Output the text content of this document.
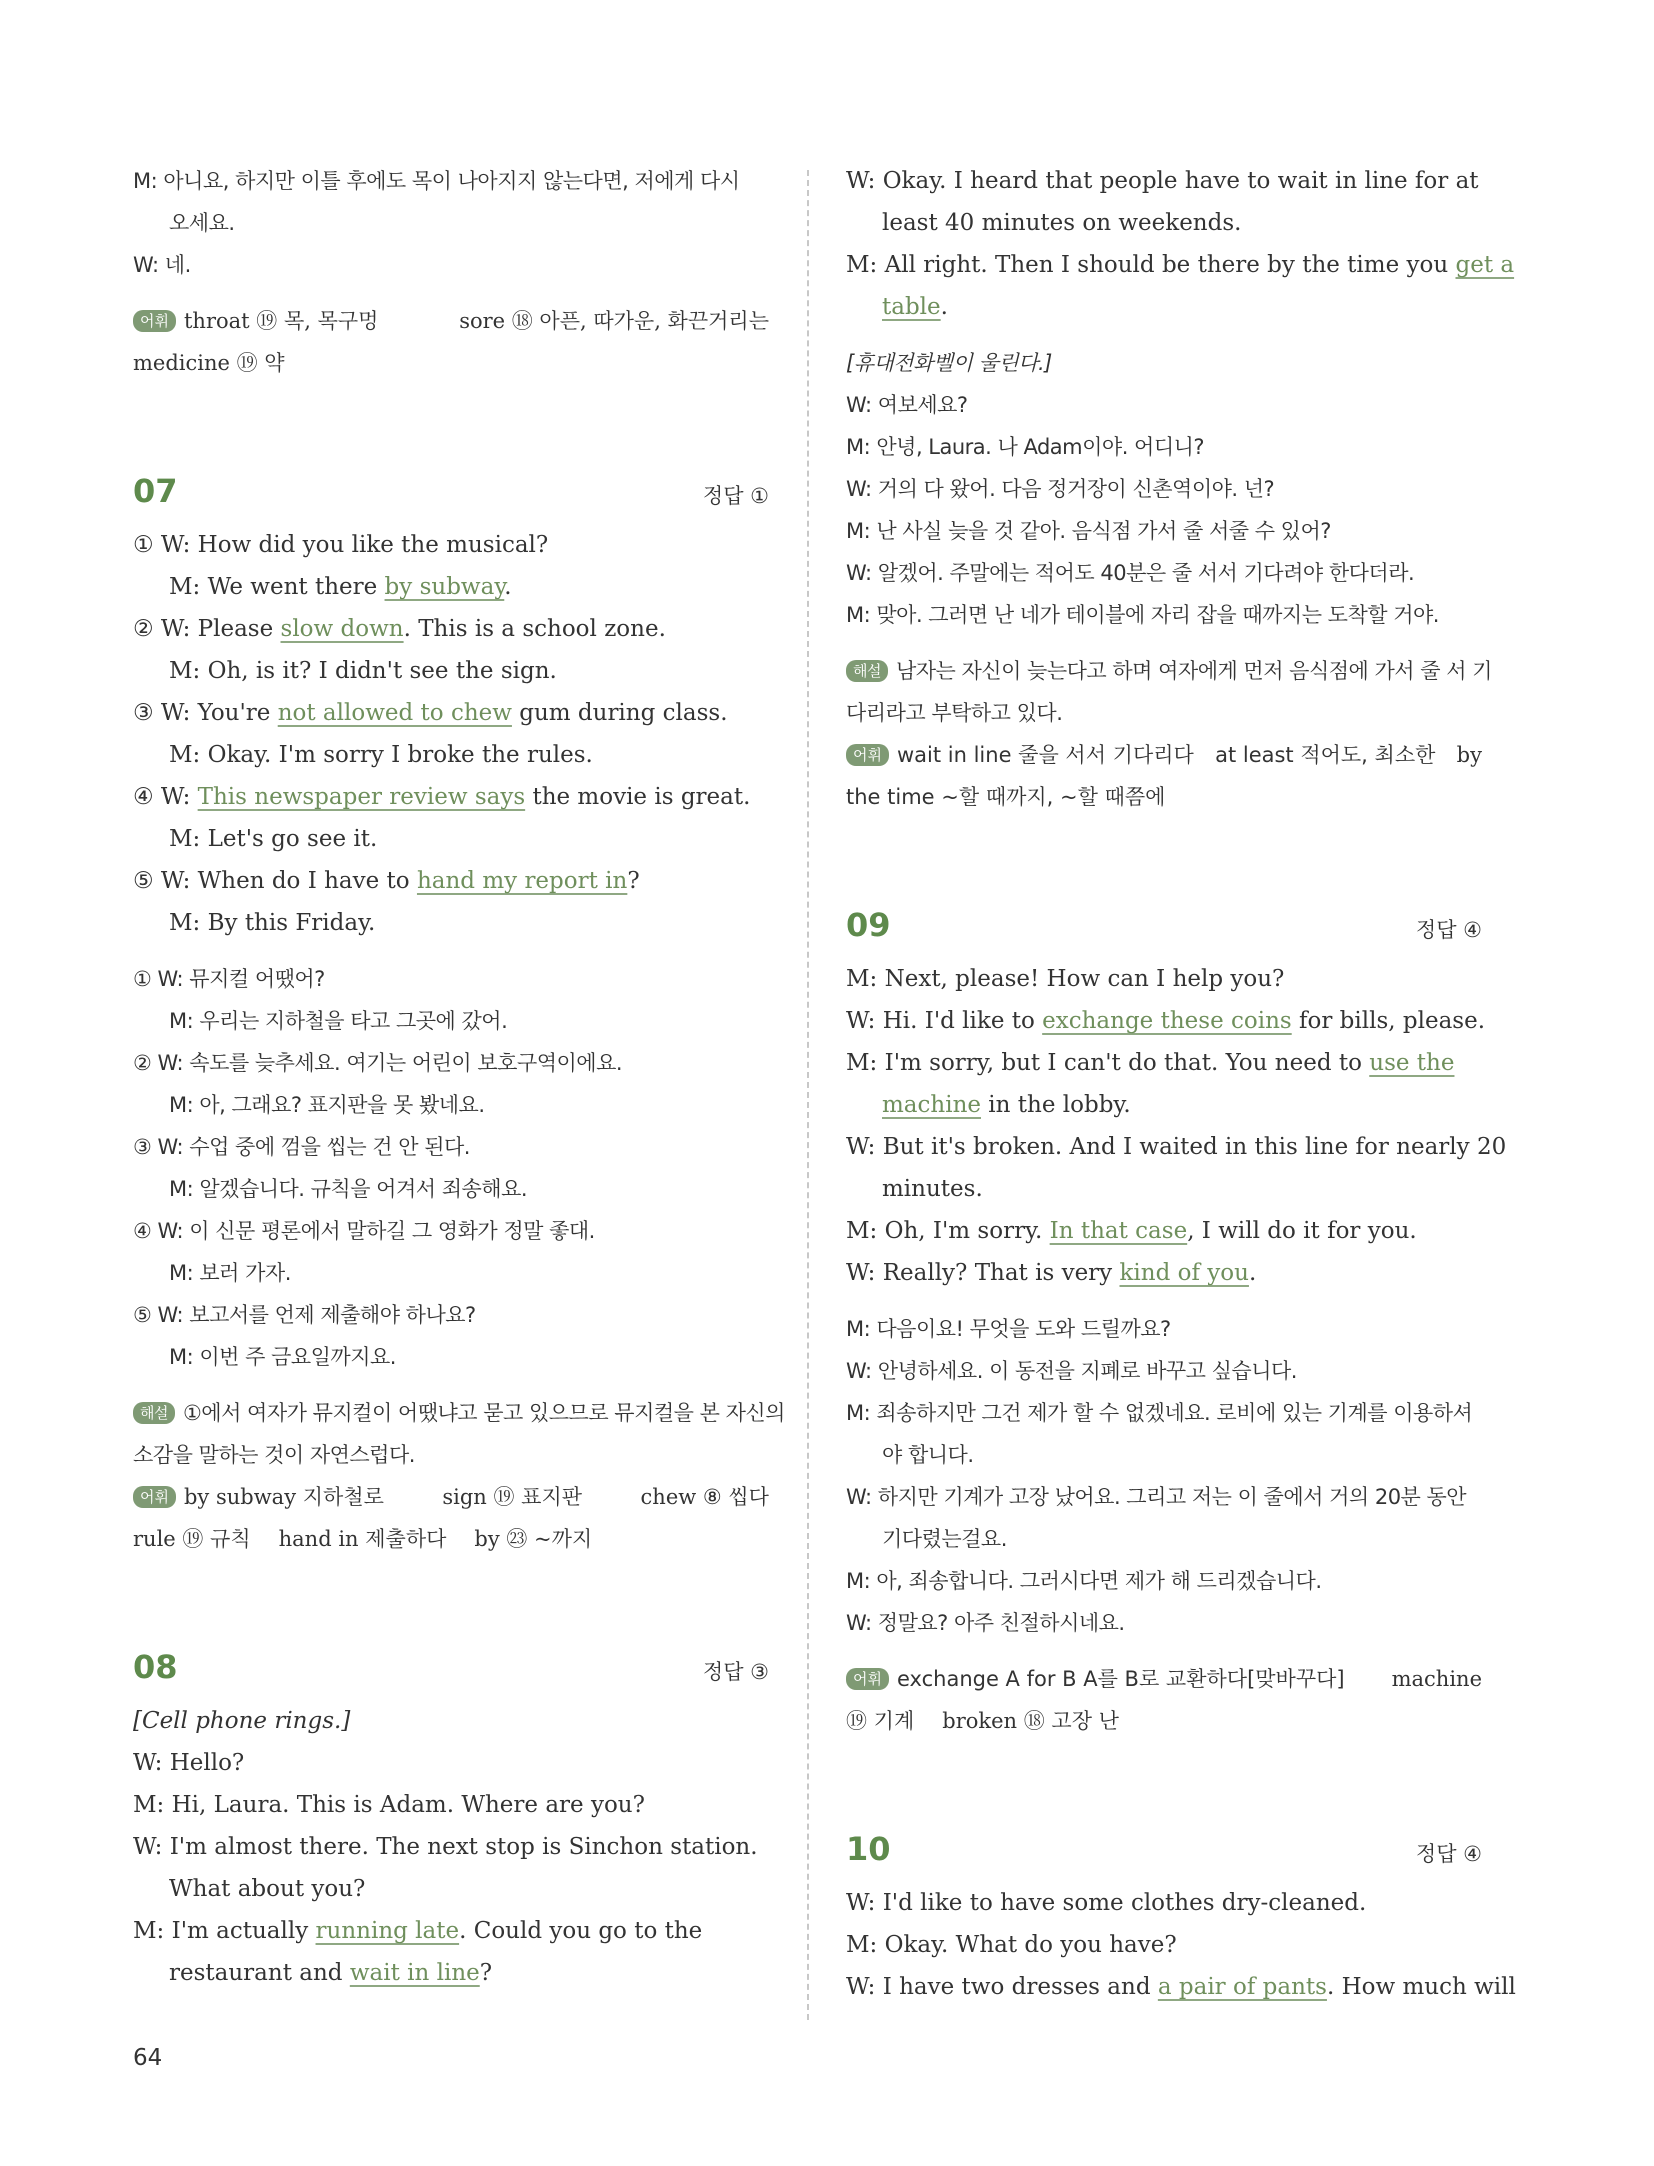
M: 아니요, 하지만 이틀 후에도 목이 나아지지 않는다면, 저에게 다시
오세요.
W: 네.
어휘 throat ⑲ 목, 목구멍	sore ⑱ 아픈, 따가운, 화끈거리는
medicine ⑲ 약
07	정답 ①
① W: How did you like the musical?
M: We went there by subway.
② W: Please slow down. This is a school zone.
M: Oh, is it? I didn't see the sign.
③ W: You're not allowed to chew gum during class.
M: Okay. I'm sorry I broke the rules.
④ W: This newspaper review says the movie is great.
M: Let's go see it.
⑤ W: When do I have to hand my report in?
M: By this Friday.
① W: 뮤지컬 어땠어?
M: 우리는 지하철을 타고 그곳에 갔어.
② W: 속도를 늦추세요. 여기는 어린이 보호구역이에요.
M: 아, 그래요? 표지판을 못 봤네요.
③ W: 수업 중에 껌을 씹는 건 안 된다.
M: 알겠습니다. 규칙을 어겨서 죄송해요.
④ W: 이 신문 평론에서 말하길 그 영화가 정말 좋대.
M: 보러 가자.
⑤ W: 보고서를 언제 제출해야 하나요?
M: 이번 주 금요일까지요.
해설 ①에서 여자가 뮤지컬이 어땠냐고 묻고 있으므로 뮤지컬을 본 자신의
소감을 말하는 것이 자연스럽다.
어휘 by subway 지하철로	sign ⑲ 표지판	chew ⑧ 씹다
rule ⑲ 규칙 hand in 제출하다 by ㉓ ~까지
08	정답 ③
[Cell phone rings.]
W: Hello?
M: Hi, Laura. This is Adam. Where are you?
W: I'm almost there. The next stop is Sinchon station.
What about you?
M: I'm actually running late. Could you go to the
restaurant and wait in line?
W: Okay. I heard that people have to wait in line for at
least 40 minutes on weekends.
M: All right. Then I should be there by the time you get a
table.
[휴대전화벨이 울린다.]
W: 여보세요?
M: 안녕, Laura. 나 Adam이야. 어디니?
W: 거의 다 왔어. 다음 정거장이 신촌역이야. 넌?
M: 난 사실 늦을 것 같아. 음식점 가서 줄 서줄 수 있어?
W: 알겠어. 주말에는 적어도 40분은 줄 서서 기다려야 한다더라.
M: 맞아. 그러면 난 네가 테이블에 자리 잡을 때까지는 도착할 거야.
해설 남자는 자신이 늦는다고 하며 여자에게 먼저 음식점에 가서 줄 서 기
다리라고 부탁하고 있다.
어휘 wait in line 줄을 서서 기다리다 at least 적어도, 최소한 by
the time ~할 때까지, ~할 때쯤에
09	정답 ④
M: Next, please! How can I help you?
W: Hi. I'd like to exchange these coins for bills, please.
M: I'm sorry, but I can't do that. You need to use the
machine in the lobby.
W: But it's broken. And I waited in this line for nearly 20
minutes.
M: Oh, I'm sorry. In that case, I will do it for you.
W: Really? That is very kind of you.
M: 다음이요! 무엇을 도와 드릴까요?
W: 안녕하세요. 이 동전을 지폐로 바꾸고 싶습니다.
M: 죄송하지만 그건 제가 할 수 없겠네요. 로비에 있는 기계를 이용하셔
야 합니다.
W: 하지만 기계가 고장 났어요. 그리고 저는 이 줄에서 거의 20분 동안
기다렸는걸요.
M: 아, 죄송합니다. 그러시다면 제가 해 드리겠습니다.
W: 정말요? 아주 친절하시네요.
어휘 exchange A for B A를 B로 교환하다[맞바꾸다] machine
⑲ 기계 broken ⑱ 고장 난
10	정답 ④
W: I'd like to have some clothes dry-cleaned.
M: Okay. What do you have?
W: I have two dresses and a pair of pants. How much will
64
